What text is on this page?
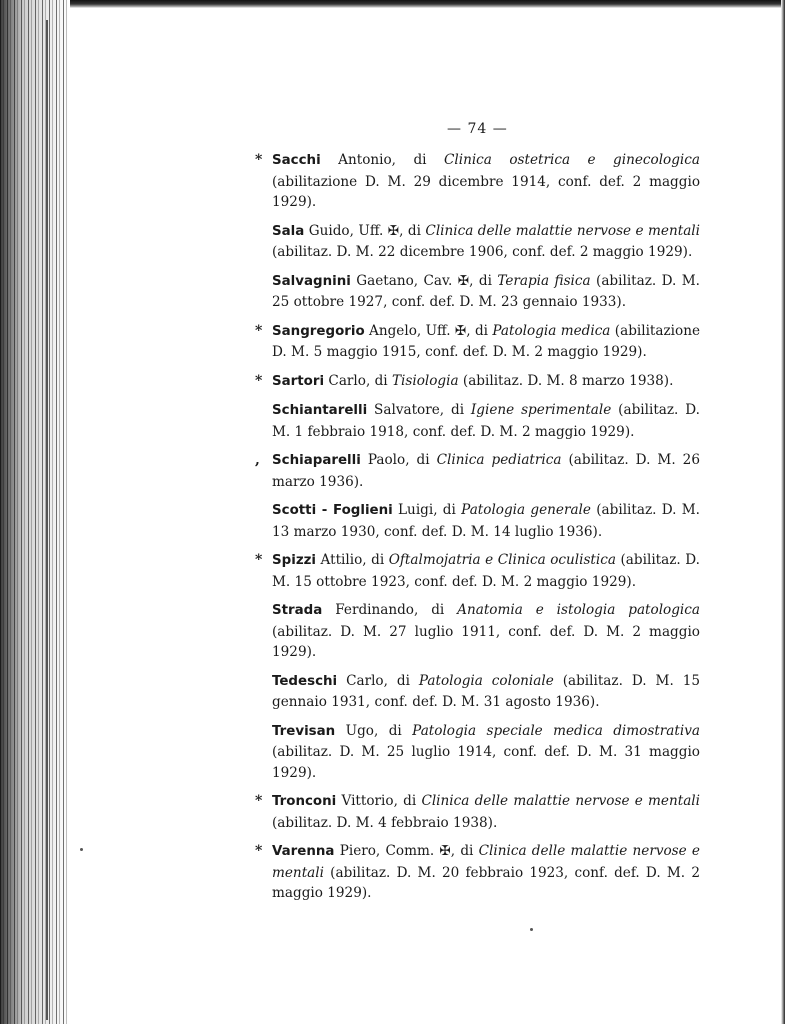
— 74 —
* Sacchi Antonio, di Clinica ostetrica e ginecologica (abilitazione D. M. 29 dicembre 1914, conf. def. 2 maggio 1929).
Sala Guido, Uff. ✠, di Clinica delle malattie nervose e mentali (abilitaz. D. M. 22 dicembre 1906, conf. def. 2 maggio 1929).
Salvagnini Gaetano, Cav. ✠, di Terapia fisica (abilitaz. D. M. 25 ottobre 1927, conf. def. D. M. 23 gennaio 1933).
* Sangregorio Angelo, Uff. ✠, di Patologia medica (abilitazione D. M. 5 maggio 1915, conf. def. D. M. 2 maggio 1929).
* Sartori Carlo, di Tisiologia (abilitaz. D. M. 8 marzo 1938).
Schiantarelli Salvatore, di Igiene sperimentale (abilitaz. D. M. 1 febbraio 1918, conf. def. D. M. 2 maggio 1929).
, Schiaparelli Paolo, di Clinica pediatrica (abilitaz. D. M. 26 marzo 1936).
Scotti - Foglieni Luigi, di Patologia generale (abilitaz. D. M. 13 marzo 1930, conf. def. D. M. 14 luglio 1936).
* Spizzi Attilio, di Oftalmojatria e Clinica oculistica (abilitaz. D. M. 15 ottobre 1923, conf. def. D. M. 2 maggio 1929).
Strada Ferdinando, di Anatomia e istologia patologica (abilitaz. D. M. 27 luglio 1911, conf. def. D. M. 2 maggio 1929).
Tedeschi Carlo, di Patologia coloniale (abilitaz. D. M. 15 gennaio 1931, conf. def. D. M. 31 agosto 1936).
Trevisan Ugo, di Patologia speciale medica dimostrativa (abilitaz. D. M. 25 luglio 1914, conf. def. D. M. 31 maggio 1929).
* Tronconi Vittorio, di Clinica delle malattie nervose e mentali (abilitaz. D. M. 4 febbraio 1938).
* Varenna Piero, Comm. ✠, di Clinica delle malattie nervose e mentali (abilitaz. D. M. 20 febbraio 1923, conf. def. D. M. 2 maggio 1929).
